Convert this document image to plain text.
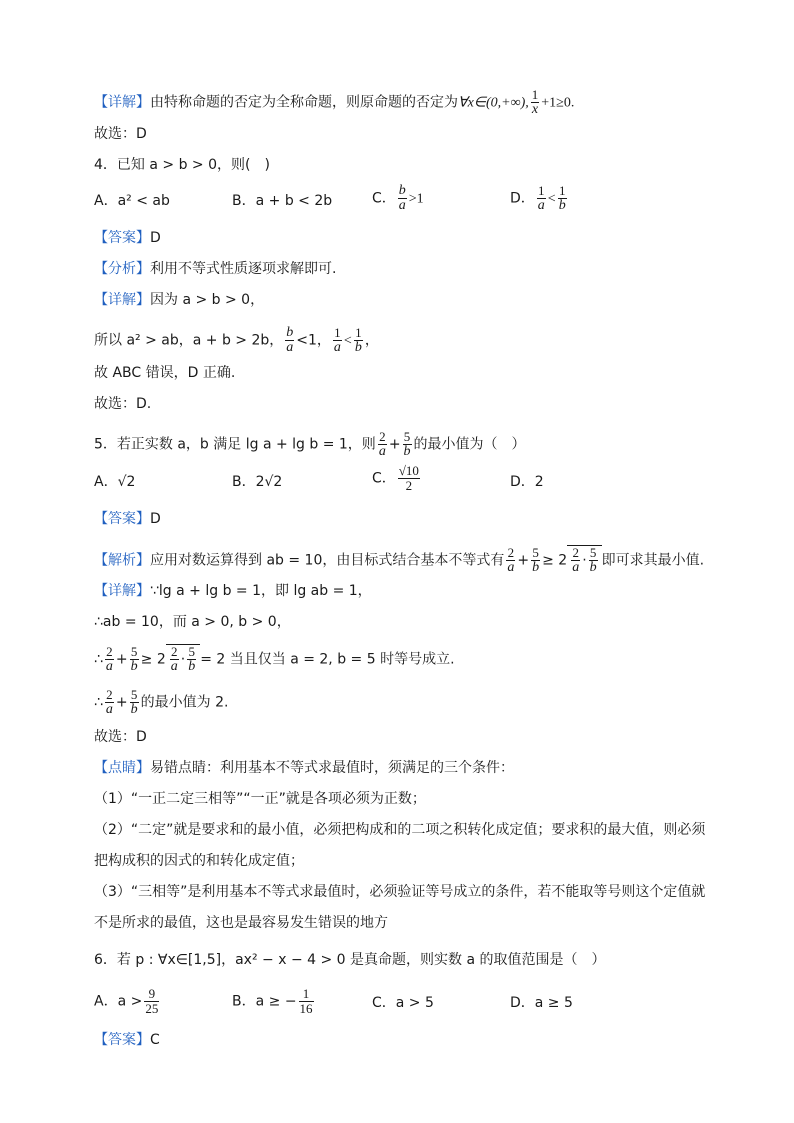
【详解】由特称命题的否定为全称命题，则原命题的否定为∀x∈(0,+∞), $\frac{1}{x} +1\ge 0$.
故选：D
4．已知 a > b > 0，则(　)
A．a² < ab	B．a + b < 2b	C． $\frac{b}{a} >1$	D． $\frac{1}{a} < \frac{1}{b}$
【答案】D
【分析】利用不等式性质逐项求解即可.
【详解】因为 a > b > 0，
所以 a² > ab，a + b > 2b， $\frac{b}{a} <1$， $\frac{1}{a} < \frac{1}{b}$ ，
故 ABC 错误，D 正确.
故选：D.
5．若正实数 a，b 满足 lg a + lg b = 1，则 $\frac{2}{a} + \frac{5}{b}$ 的最小值为（　）
A．√2	B．2√2	C． $\frac{√10}{2}$	D．2
【答案】D
【解析】应用对数运算得到 ab = 10，由目标式结合基本不等式有 $\frac{2}{a} + \frac{5}{b} \ge 2 \frac{2}{a} \cdot \frac{5}{b}$ 即可求其最小值.
【详解】∵lg a + lg b = 1，即 lg ab = 1，
∴ab = 10，而 a > 0, b > 0，
∴ $\frac{2}{a} + \frac{5}{b} \ge 2 \frac{2}{a} \cdot \frac{5}{b} = 2$ 当且仅当 a = 2, b = 5 时等号成立.
∴ $\frac{2}{a} + \frac{5}{b}$ 的最小值为 2.
故选：D
【点睛】易错点睛：利用基本不等式求最值时，须满足的三个条件：
（1）“一正二定三相等”“一正”就是各项必须为正数；
（2）“二定”就是要求和的最小值，必须把构成和的二项之积转化成定值；要求积的最大值，则必须
把构成积的因式的和转化成定值；
（3）“三相等”是利用基本不等式求最值时，必须验证等号成立的条件，若不能取等号则这个定值就
不是所求的最值，这也是最容易发生错误的地方
6．若 p : ∀x∈[1,5]，ax² − x − 4 > 0 是真命题，则实数 a 的取值范围是（　）
A．$a > \frac{9}{25}$	B．a ≥ − $\frac{1}{16}$	C．a > 5	D．a ≥ 5
【答案】C
